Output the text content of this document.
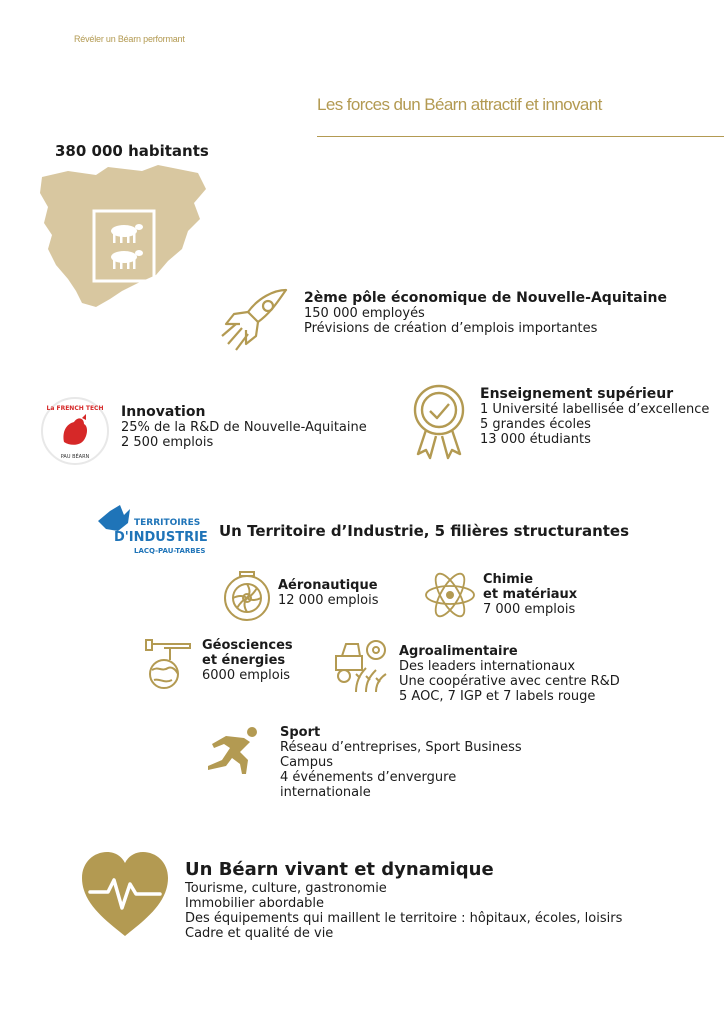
Révéler un Béarn performant
Les forces dun Béarn attractif et innovant
380 000 habitants
2ème pôle économique de Nouvelle-Aquitaine
150 000 employés
Prévisions de création d’emplois importantes
La FRENCH TECH
PAU BÉARN
Innovation
25% de la R&D de Nouvelle-Aquitaine
2 500 emplois
Enseignement supérieur
1 Université labellisée d’excellence
5 grandes écoles
13 000 étudiants
TERRITOIRES
D'INDUSTRIE
LACQ-PAU-TARBES
Un Territoire d’Industrie, 5 filières structurantes
Aéronautique
12 000 emplois
Chimie
et matériaux
7 000 emplois
Géosciences
et énergies
6000 emplois
Agroalimentaire
Des leaders internationaux
Une coopérative avec centre R&D
5 AOC, 7 IGP et 7 labels rouge
Sport
Réseau d’entreprises, Sport Business
Campus
4 événements d’envergure
internationale
Un Béarn vivant et dynamique
Tourisme, culture, gastronomie
Immobilier abordable
Des équipements qui maillent le territoire : hôpitaux, écoles, loisirs
Cadre et qualité de vie
